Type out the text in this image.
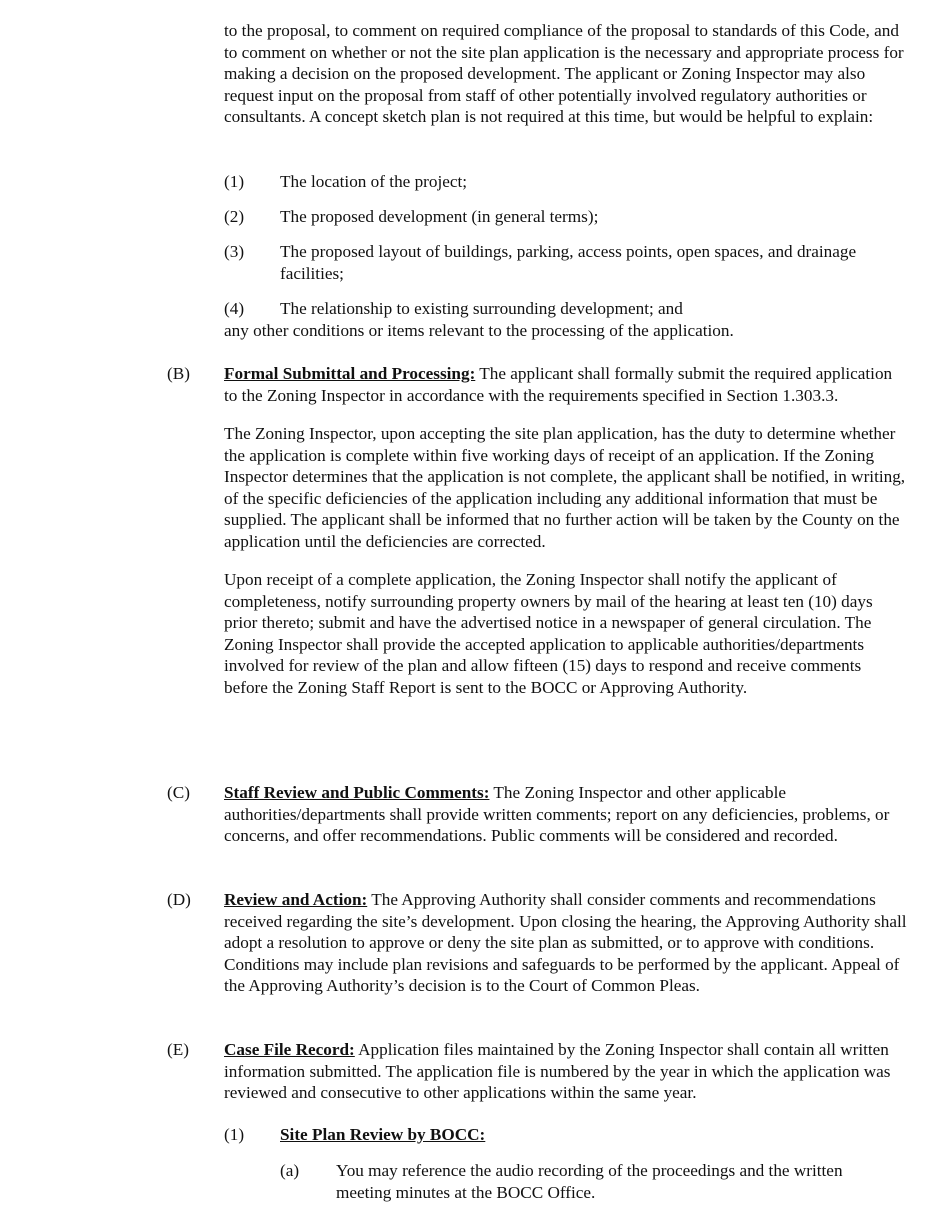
to the proposal, to comment on required compliance of the proposal to standards of this Code, and to comment on whether or not the site plan application is the necessary and appropriate process for making a decision on the proposed development. The applicant or Zoning Inspector may also request input on the proposal from staff of other potentially involved regulatory authorities or consultants. A concept sketch plan is not required at this time, but would be helpful to explain:

(1) The location of the project;

(2) The proposed development (in general terms);

(3) The proposed layout of buildings, parking, access points, open spaces, and drainage facilities;

(4) The relationship to existing surrounding development; and

any other conditions or items relevant to the processing of the application.

(B) Formal Submittal and Processing: The applicant shall formally submit the required application to the Zoning Inspector in accordance with the requirements specified in Section 1.303.3.

The Zoning Inspector, upon accepting the site plan application, has the duty to determine whether the application is complete within five working days of receipt of an application. If the Zoning Inspector determines that the application is not complete, the applicant shall be notified, in writing, of the specific deficiencies of the application including any additional information that must be supplied. The applicant shall be informed that no further action will be taken by the County on the application until the deficiencies are corrected.

Upon receipt of a complete application, the Zoning Inspector shall notify the applicant of completeness, notify surrounding property owners by mail of the hearing at least ten (10) days prior thereto; submit and have the advertised notice in a newspaper of general circulation. The Zoning Inspector shall provide the accepted application to applicable authorities/departments involved for review of the plan and allow fifteen (15) days to respond and receive comments before the Zoning Staff Report is sent to the BOCC or Approving Authority.

(C) Staff Review and Public Comments: The Zoning Inspector and other applicable authorities/departments shall provide written comments; report on any deficiencies, problems, or concerns, and offer recommendations. Public comments will be considered and recorded.

(D) Review and Action: The Approving Authority shall consider comments and recommendations received regarding the site’s development. Upon closing the hearing, the Approving Authority shall adopt a resolution to approve or deny the site plan as submitted, or to approve with conditions. Conditions may include plan revisions and safeguards to be performed by the applicant. Appeal of the Approving Authority’s decision is to the Court of Common Pleas.

(E) Case File Record: Application files maintained by the Zoning Inspector shall contain all written information submitted. The application file is numbered by the year in which the application was reviewed and consecutive to other applications within the same year.

(1) Site Plan Review by BOCC:

(a) You may reference the audio recording of the proceedings and the written meeting minutes at the BOCC Office.
